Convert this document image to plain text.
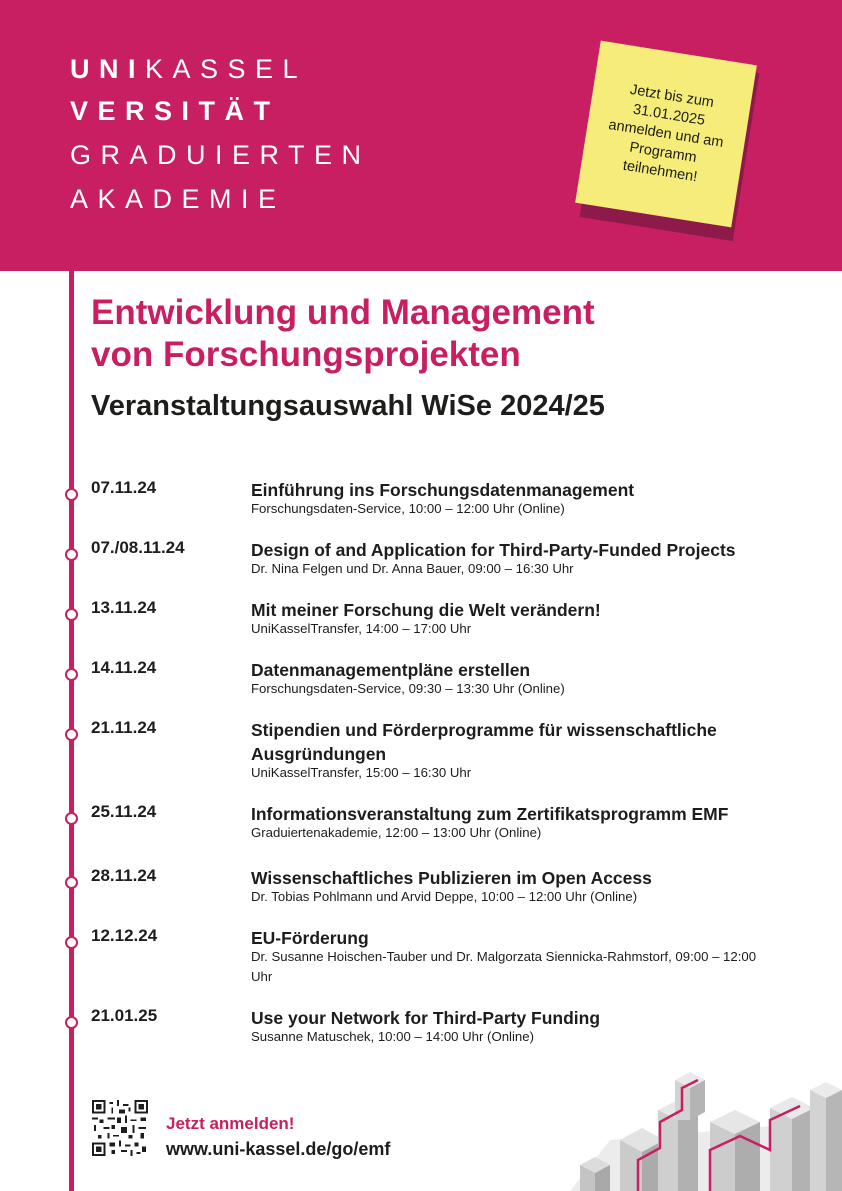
UNIKASSEL
VERSITÄT
GRADUIERTEN
AKADEMIE
Jetzt bis zum 31.01.2025 anmelden und am Programm teilnehmen!
Entwicklung und Management
von Forschungsprojekten
Veranstaltungsauswahl WiSe 2024/25
07.11.24	Einführung ins Forschungsdatenmanagement
Forschungsdaten-Service, 10:00 – 12:00 Uhr (Online)
07./08.11.24	Design of and Application for Third-Party-Funded Projects
Dr. Nina Felgen und Dr. Anna Bauer, 09:00 – 16:30 Uhr
13.11.24	Mit meiner Forschung die Welt verändern!
UniKasselTransfer, 14:00 – 17:00 Uhr
14.11.24	Datenmanagementpläne erstellen
Forschungsdaten-Service, 09:30 – 13:30 Uhr (Online)
21.11.24	Stipendien und Förderprogramme für wissenschaftliche Ausgründungen
UniKasselTransfer, 15:00 – 16:30 Uhr
25.11.24	Informationsveranstaltung zum Zertifikatsprogramm EMF
Graduiertenakademie, 12:00 – 13:00 Uhr (Online)
28.11.24	Wissenschaftliches Publizieren im Open Access
Dr. Tobias Pohlmann und Arvid Deppe, 10:00 – 12:00 Uhr (Online)
12.12.24	EU-Förderung
Dr. Susanne Hoischen-Tauber und Dr. Malgorzata Siennicka-Rahmstorf, 09:00 – 12:00 Uhr
21.01.25	Use your Network for Third-Party Funding
Susanne Matuschek, 10:00 – 14:00 Uhr (Online)
Jetzt anmelden!
www.uni-kassel.de/go/emf
